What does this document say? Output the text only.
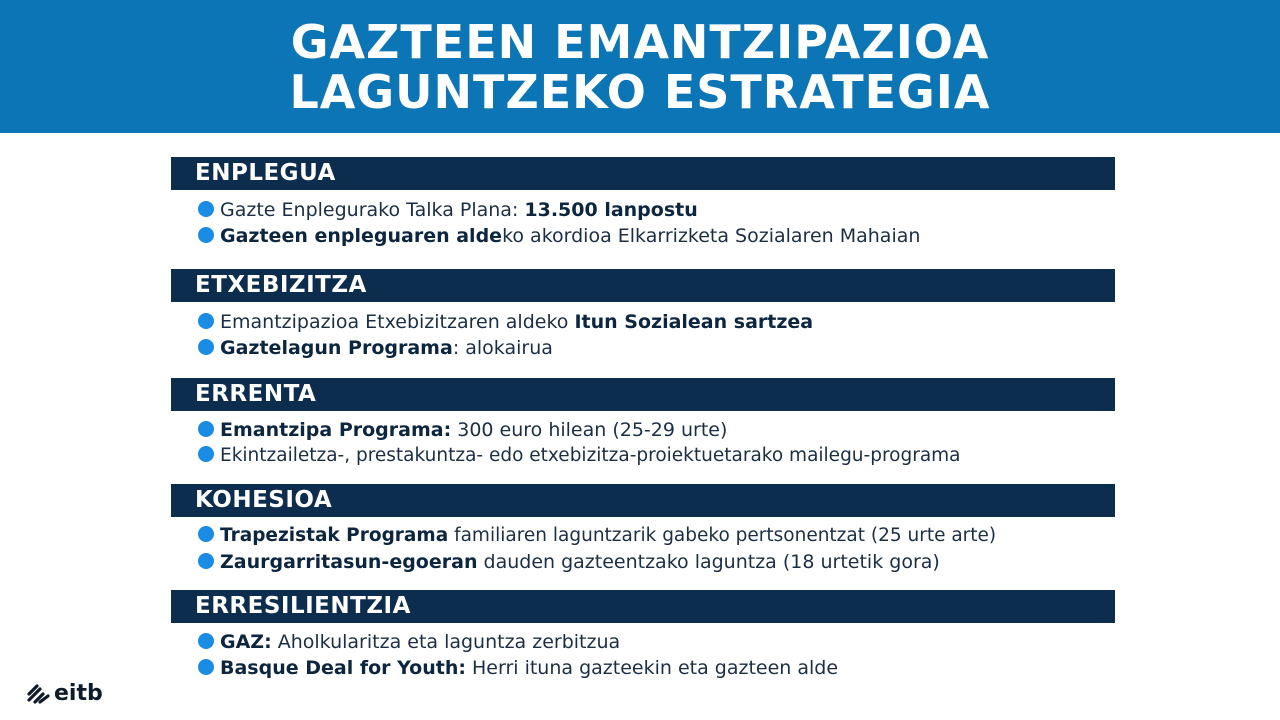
GAZTEEN EMANTZIPAZIOA
LAGUNTZEKO ESTRATEGIA
ENPLEGUA
Gazte Enplegurako Talka Plana: 13.500 lanpostu
Gazteen enpleguaren aldeko akordioa Elkarrizketa Sozialaren Mahaian
ETXEBIZITZA
Emantzipazioa Etxebizitzaren aldeko Itun Sozialean sartzea
Gaztelagun Programa: alokairua
ERRENTA
Emantzipa Programa: 300 euro hilean (25-29 urte)
Ekintzailetza-, prestakuntza- edo etxebizitza-proiektuetarako mailegu-programa
KOHESIOA
Trapezistak Programa familiaren laguntzarik gabeko pertsonentzat (25 urte arte)
Zaurgarritasun-egoeran dauden gazteentzako laguntza (18 urtetik gora)
ERRESILIENTZIA
GAZ: Aholkularitza eta laguntza zerbitzua
Basque Deal for Youth: Herri ituna gazteekin eta gazteen alde
eitb
